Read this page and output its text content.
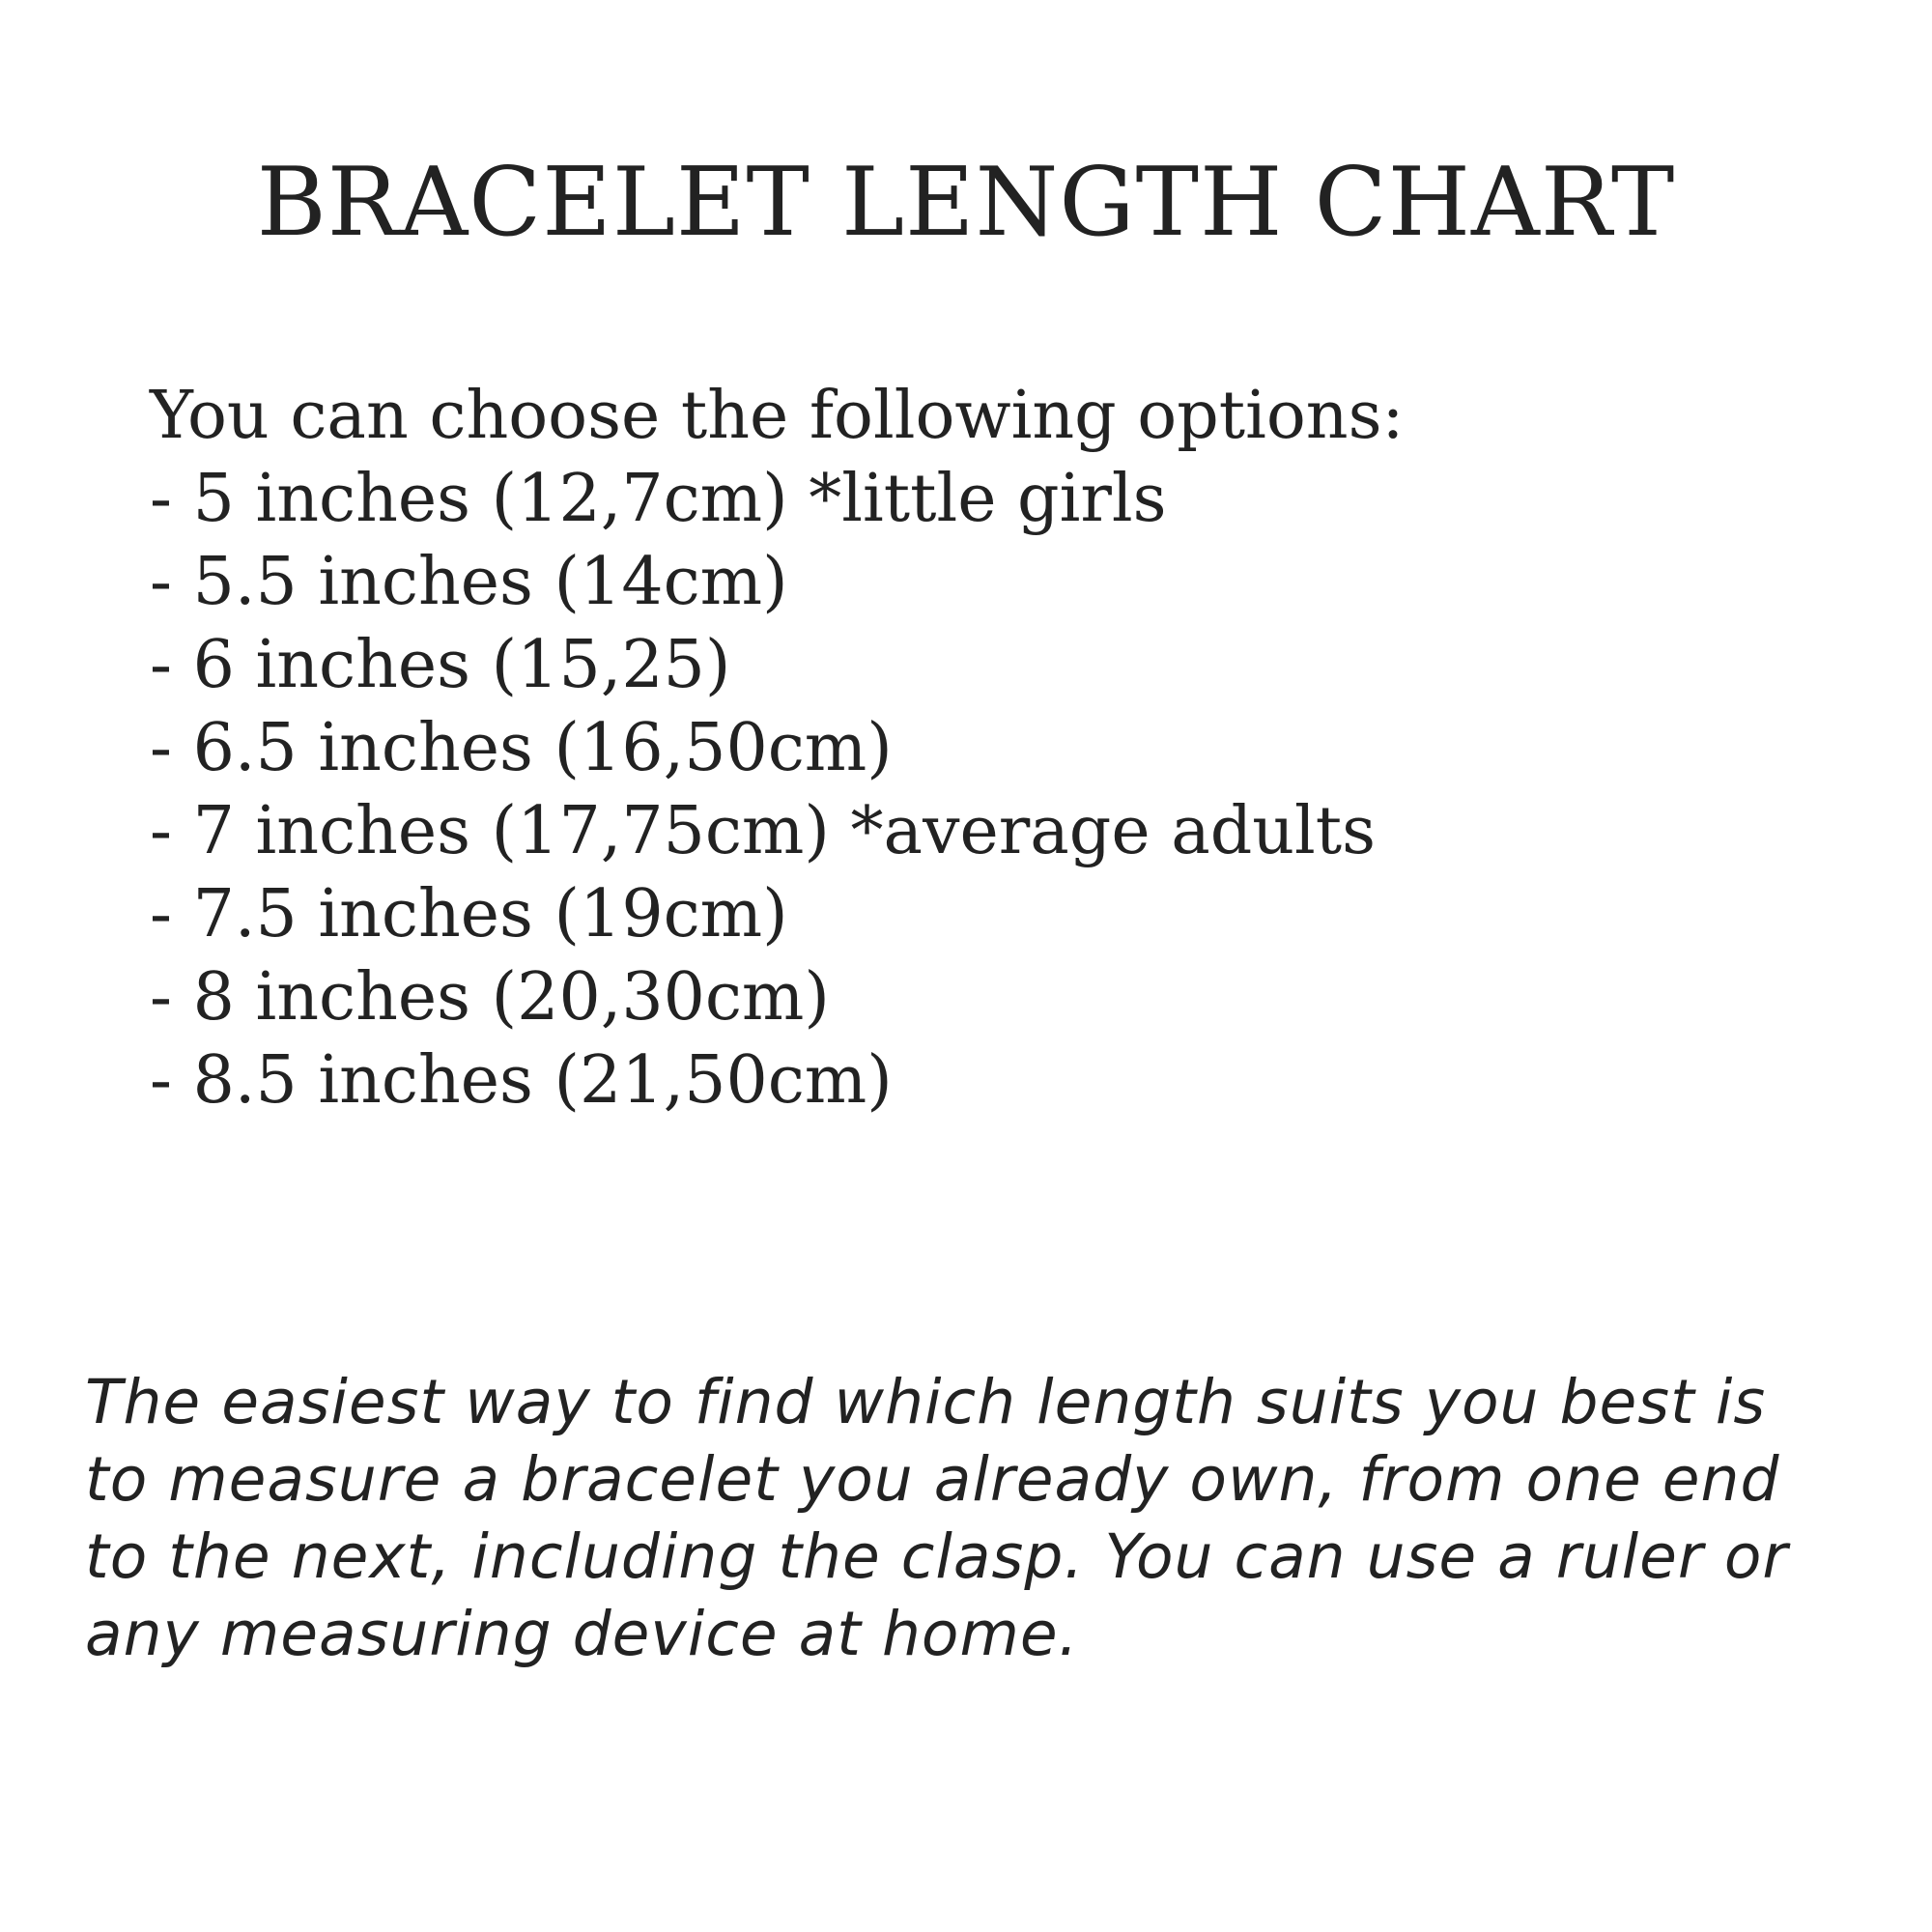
BRACELET LENGTH CHART
You can choose the following options:
- 5 inches (12,7cm) *little girls
- 5.5 inches (14cm)
- 6 inches (15,25)
- 6.5 inches (16,50cm)
- 7 inches (17,75cm) *average adults
- 7.5 inches (19cm)
- 8 inches (20,30cm)
- 8.5 inches (21,50cm)
The easiest way to find which length suits you best is
to measure a bracelet you already own, from one end
to the next, including the clasp. You can use a ruler or
any measuring device at home.
